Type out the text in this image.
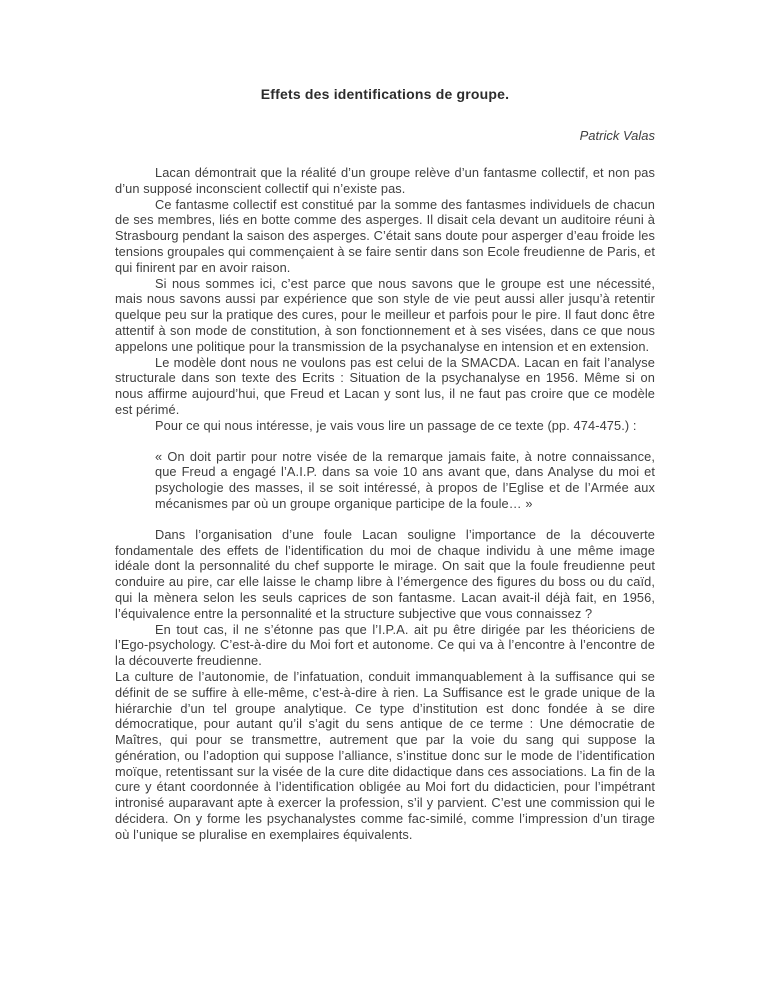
Effets des identifications de groupe.
Patrick Valas

Lacan démontrait que la réalité d’un groupe relève d’un fantasme collectif, et non pas d’un supposé inconscient collectif qui n’existe pas.

Ce fantasme collectif est constitué par la somme des fantasmes individuels de chacun de ses membres, liés en botte comme des asperges. Il disait cela devant un auditoire réuni à Strasbourg pendant la saison des asperges. C’était sans doute pour asperger d’eau froide les tensions groupales qui commençaient à se faire sentir dans son Ecole freudienne de Paris, et qui finirent par en avoir raison.

Si nous sommes ici, c’est parce que nous savons que le groupe est une nécessité, mais nous savons aussi par expérience que son style de vie peut aussi aller jusqu’à retentir quelque peu sur la pratique des cures, pour le meilleur et parfois pour le pire. Il faut donc être attentif à son mode de constitution, à son fonctionnement et à ses visées, dans ce que nous appelons une politique pour la transmission de la psychanalyse en intension et en extension.

Le modèle dont nous ne voulons pas est celui de la SMACDA. Lacan en fait l’analyse structurale dans son texte des Ecrits : Situation de la psychanalyse en 1956. Même si on nous affirme aujourd’hui, que Freud et Lacan y sont lus, il ne faut pas croire que ce modèle est périmé.

Pour ce qui nous intéresse, je vais vous lire un passage de ce texte (pp. 474-475.) :

« On doit partir pour notre visée de la remarque jamais faite, à notre connaissance, que Freud a engagé l’A.I.P. dans sa voie 10 ans avant que, dans Analyse du moi et psychologie des masses, il se soit intéressé, à propos de l’Eglise et de l’Armée aux mécanismes par où un groupe organique participe de la foule… »

Dans l’organisation d’une foule Lacan souligne l’importance de la découverte fondamentale des effets de l’identification du moi de chaque individu à une même image idéale dont la personnalité du chef supporte le mirage. On sait que la foule freudienne peut conduire au pire, car elle laisse le champ libre à l’émergence des figures du boss ou du caïd, qui la mènera selon les seuls caprices de son fantasme. Lacan avait-il déjà fait, en 1956, l’équivalence entre la personnalité et la structure subjective que vous connaissez ?

En tout cas, il ne s’étonne pas que l’I.P.A. ait pu être dirigée par les théoriciens de l’Ego-psychology. C’est-à-dire du Moi fort et autonome. Ce qui va à l’encontre à l’encontre de la découverte freudienne.

La culture de l’autonomie, de l’infatuation, conduit immanquablement à la suffisance qui se définit de se suffire à elle-même, c’est-à-dire à rien. La Suffisance est le grade unique de la hiérarchie d’un tel groupe analytique. Ce type d’institution est donc fondée à se dire démocratique, pour autant qu’il s’agit du sens antique de ce terme : Une démocratie de Maîtres, qui pour se transmettre, autrement que par la voie du sang qui suppose la génération, ou l’adoption qui suppose l’alliance, s’institue donc sur le mode de l’identification moïque, retentissant sur la visée de la cure dite didactique dans ces associations. La fin de la cure y étant coordonnée à l’identification obligée au Moi fort du didacticien, pour l’impétrant intronisé auparavant apte à exercer la profession, s’il y parvient. C’est une commission qui le décidera. On y forme les psychanalystes comme fac-similé, comme l’impression d’un tirage où l’unique se pluralise en exemplaires équivalents.
